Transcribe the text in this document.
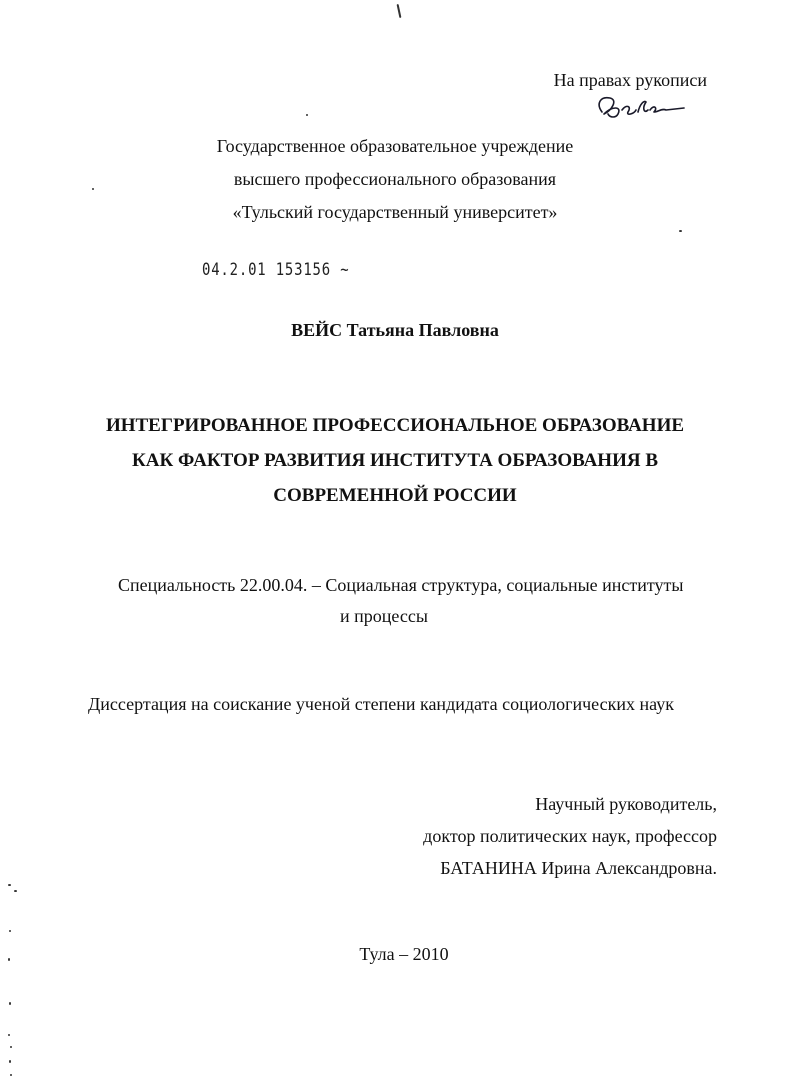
На правах рукописи
Государственное образовательное учреждение
высшего профессионального образования
«Тульский государственный университет»
04.2.01 153156 ~
ВЕЙС Татьяна Павловна
ИНТЕГРИРОВАННОЕ ПРОФЕССИОНАЛЬНОЕ ОБРАЗОВАНИЕ
КАК ФАКТОР РАЗВИТИЯ ИНСТИТУТА ОБРАЗОВАНИЯ В
СОВРЕМЕННОЙ РОССИИ
Специальность 22.00.04. – Социальная структура, социальные институты
и процессы
Диссертация на соискание ученой степени кандидата социологических наук
Научный руководитель,
доктор политических наук, профессор
БАТАНИНА Ирина Александровна.
Тула – 2010
